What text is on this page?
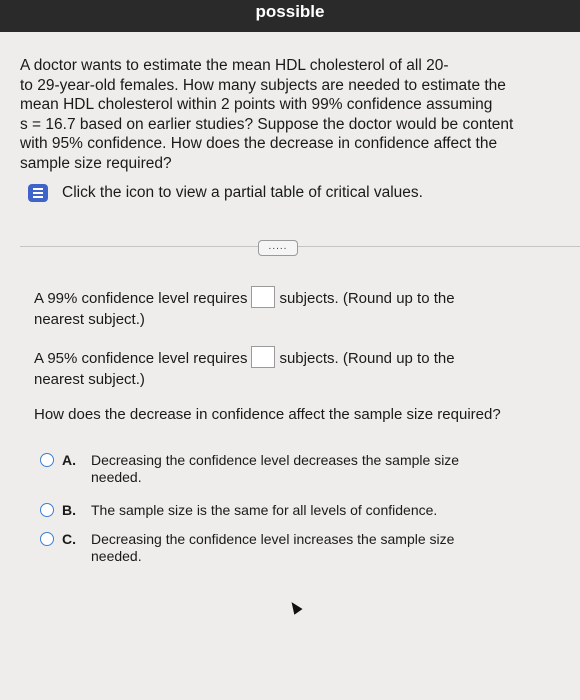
possible
A doctor wants to estimate the mean HDL cholesterol of all 20-
to 29-year-old females. How many subjects are needed to estimate the
mean HDL cholesterol within 2 points with 99% confidence assuming
s = 16.7 based on earlier studies? Suppose the doctor would be content
with 95% confidence. How does the decrease in confidence affect the
sample size required?
Click the icon to view a partial table of critical values.
.....
A 99% confidence level requires subjects. (Round up to the
nearest subject.)
A 95% confidence level requires subjects. (Round up to the
nearest subject.)
How does the decrease in confidence affect the sample size required?
A. Decreasing the confidence level decreases the sample size
needed.
B. The sample size is the same for all levels of confidence.
C. Decreasing the confidence level increases the sample size
needed.
